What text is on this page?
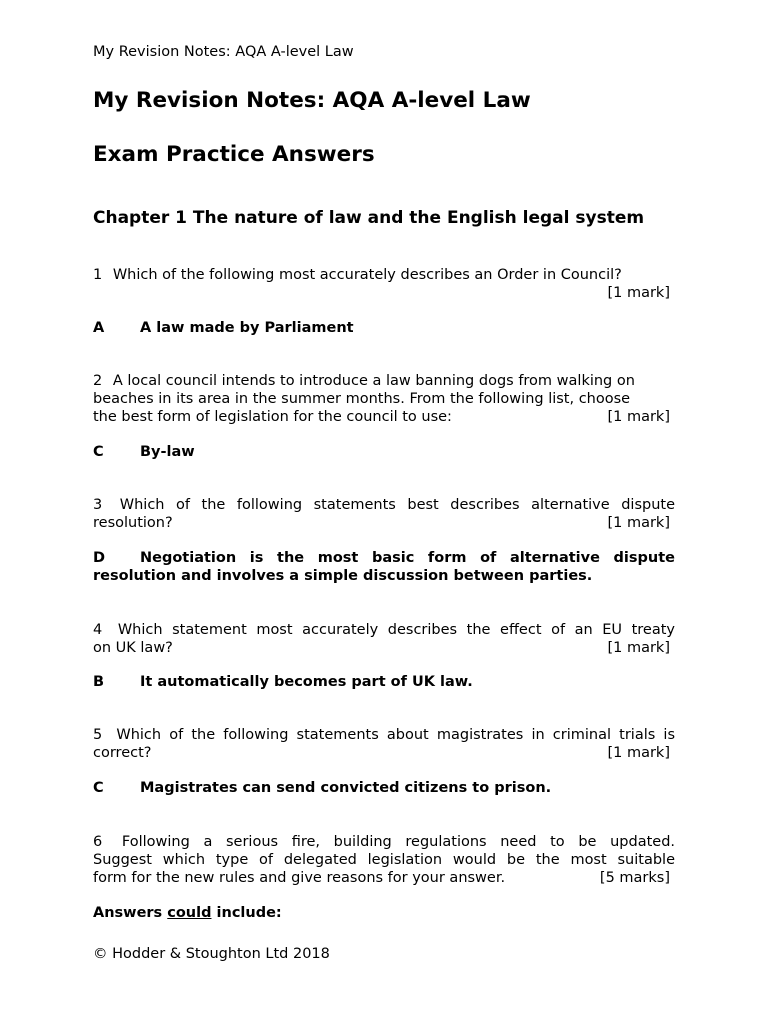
My Revision Notes: AQA A-level Law
My Revision Notes: AQA A-level Law
Exam Practice Answers
Chapter 1 The nature of law and the English legal system

1 Which of the following most accurately describes an Order in Council?

[1 mark]

A A law made by Parliament

2 A local council intends to introduce a law banning dogs from walking on

beaches in its area in the summer months. From the following list, choose

the best form of legislation for the council to use:	[1 mark]

C	By-law

3 Which of the following statements best describes alternative dispute

resolution?	[1 mark]

D Negotiation is the most basic form of alternative dispute resolution and involves a simple discussion between parties.

4 Which statement most accurately describes the effect of an EU treaty

on UK law?	[1 mark]

B It automatically becomes part of UK law.

5 Which of the following statements about magistrates in criminal trials is

correct?	[1 mark]

C	Magistrates can send convicted citizens to prison.

6 Following a serious fire, building regulations need to be updated.

Suggest which type of delegated legislation would be the most suitable

form for the new rules and give reasons for your answer.	[5 marks]

Answers could include:
© Hodder & Stoughton Ltd 2018
